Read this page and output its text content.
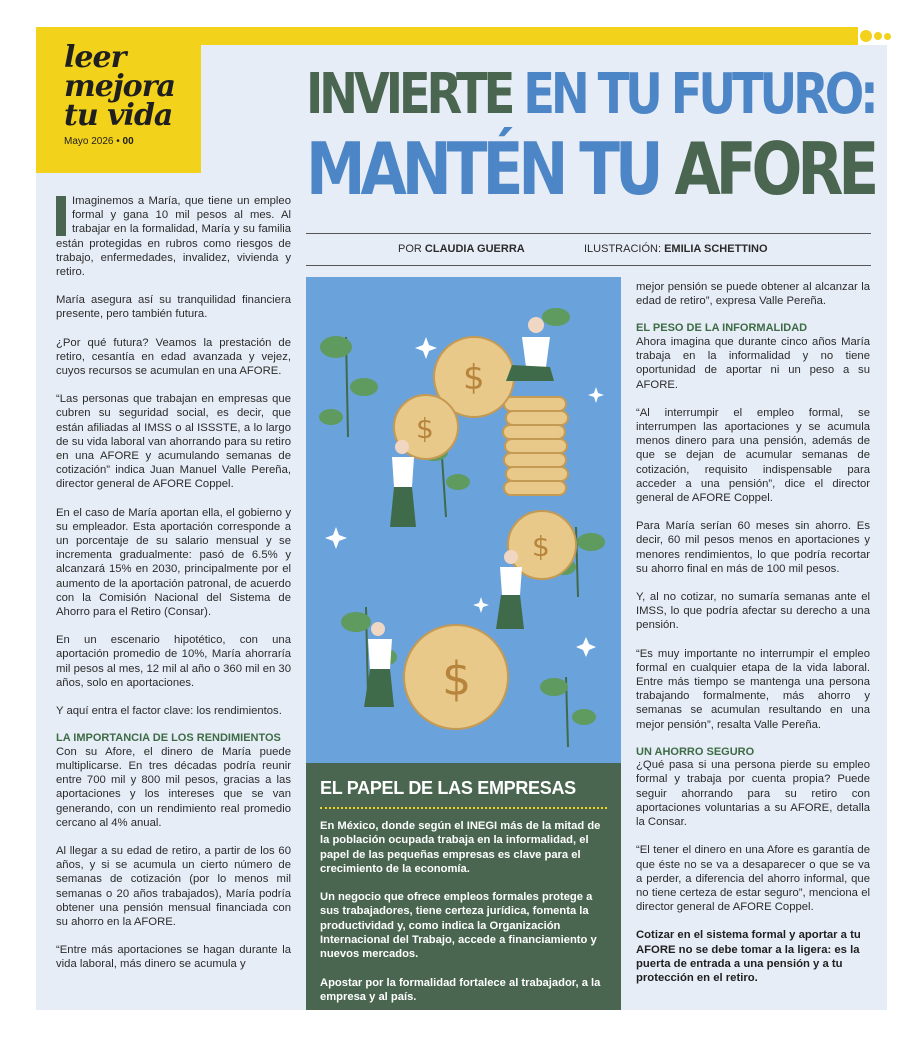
leer
mejora
tu vida
Mayo 2026 • 00
INVIERTE EN TU FUTURO:
MANTÉN TU AFORE
POR CLAUDIA GUERRA	ILUSTRACIÓN: EMILIA SCHETTINO

Imaginemos a María, que tiene un empleo formal y gana 10 mil pesos al mes. Al trabajar en la formalidad, María y su familia están protegidas en rubros como riesgos de trabajo, enfermedades, invalidez, vivienda y retiro.

María asegura así su tranquilidad financiera presente, pero también futura.

¿Por qué futura? Veamos la prestación de retiro, cesantía en edad avanzada y vejez, cuyos recursos se acumulan en una AFORE.

“Las personas que trabajan en empresas que cubren su seguridad social, es decir, que están afiliadas al IMSS o al ISSSTE, a lo largo de su vida laboral van ahorrando para su retiro en una AFORE y acumulando semanas de cotización” indica Juan Manuel Valle Pereña, director general de AFORE Coppel.

En el caso de María aportan ella, el gobierno y su empleador. Esta aportación corresponde a un porcentaje de su salario mensual y se incrementa gradualmente: pasó de 6.5% y alcanzará 15% en 2030, principalmente por el aumento de la aportación patronal, de acuerdo con la Comisión Nacional del Sistema de Ahorro para el Retiro (Consar).

En un escenario hipotético, con una aportación promedio de 10%, María ahorraría mil pesos al mes, 12 mil al año o 360 mil en 30 años, solo en aportaciones.

Y aquí entra el factor clave: los rendimientos.

LA IMPORTANCIA DE LOS RENDIMIENTOS

Con su Afore, el dinero de María puede multiplicarse. En tres décadas podría reunir entre 700 mil y 800 mil pesos, gracias a las aportaciones y los intereses que se van generando, con un rendimiento real promedio cercano al 4% anual.

Al llegar a su edad de retiro, a partir de los 60 años, y si se acumula un cierto número de semanas de cotización (por lo menos mil semanas o 20 años trabajados), María podría obtener una pensión mensual financiada con su ahorro en la AFORE.

“Entre más aportaciones se hagan durante la vida laboral, más dinero se acumula y

$
$
$
$
EL PAPEL DE LAS EMPRESAS

En México, donde según el INEGI más de la mitad de la población ocupada trabaja en la informalidad, el papel de las pequeñas empresas es clave para el crecimiento de la economía.

Un negocio que ofrece empleos formales protege a sus trabajadores, tiene certeza jurídica, fomenta la productividad y, como indica la Organización Internacional del Trabajo, accede a financiamiento y nuevos mercados.

Apostar por la formalidad fortalece al trabajador, a la empresa y al país.

mejor pensión se puede obtener al alcanzar la edad de retiro”, expresa Valle Pereña.

EL PESO DE LA INFORMALIDAD

Ahora imagina que durante cinco años María trabaja en la informalidad y no tiene oportunidad de aportar ni un peso a su AFORE.

“Al interrumpir el empleo formal, se interrumpen las aportaciones y se acumula menos dinero para una pensión, además de que se dejan de acumular semanas de cotización, requisito indispensable para acceder a una pensión”, dice el director general de AFORE Coppel.

Para María serían 60 meses sin ahorro. Es decir, 60 mil pesos menos en aportaciones y menores rendimientos, lo que podría recortar su ahorro final en más de 100 mil pesos.

Y, al no cotizar, no sumaría semanas ante el IMSS, lo que podría afectar su derecho a una pensión.

“Es muy importante no interrumpir el empleo formal en cualquier etapa de la vida laboral. Entre más tiempo se mantenga una persona trabajando formalmente, más ahorro y semanas se acumulan resultando en una mejor pensión”, resalta Valle Pereña.

UN AHORRO SEGURO

¿Qué pasa si una persona pierde su empleo formal y trabaja por cuenta propia? Puede seguir ahorrando para su retiro con aportaciones voluntarias a su AFORE, detalla la Consar.

“El tener el dinero en una Afore es garantía de que éste no se va a desaparecer o que se va a perder, a diferencia del ahorro informal, que no tiene certeza de estar seguro”, menciona el director general de AFORE Coppel.

Cotizar en el sistema formal y aportar a tu AFORE no se debe tomar a la ligera: es la puerta de entrada a una pensión y a tu protección en el retiro.
